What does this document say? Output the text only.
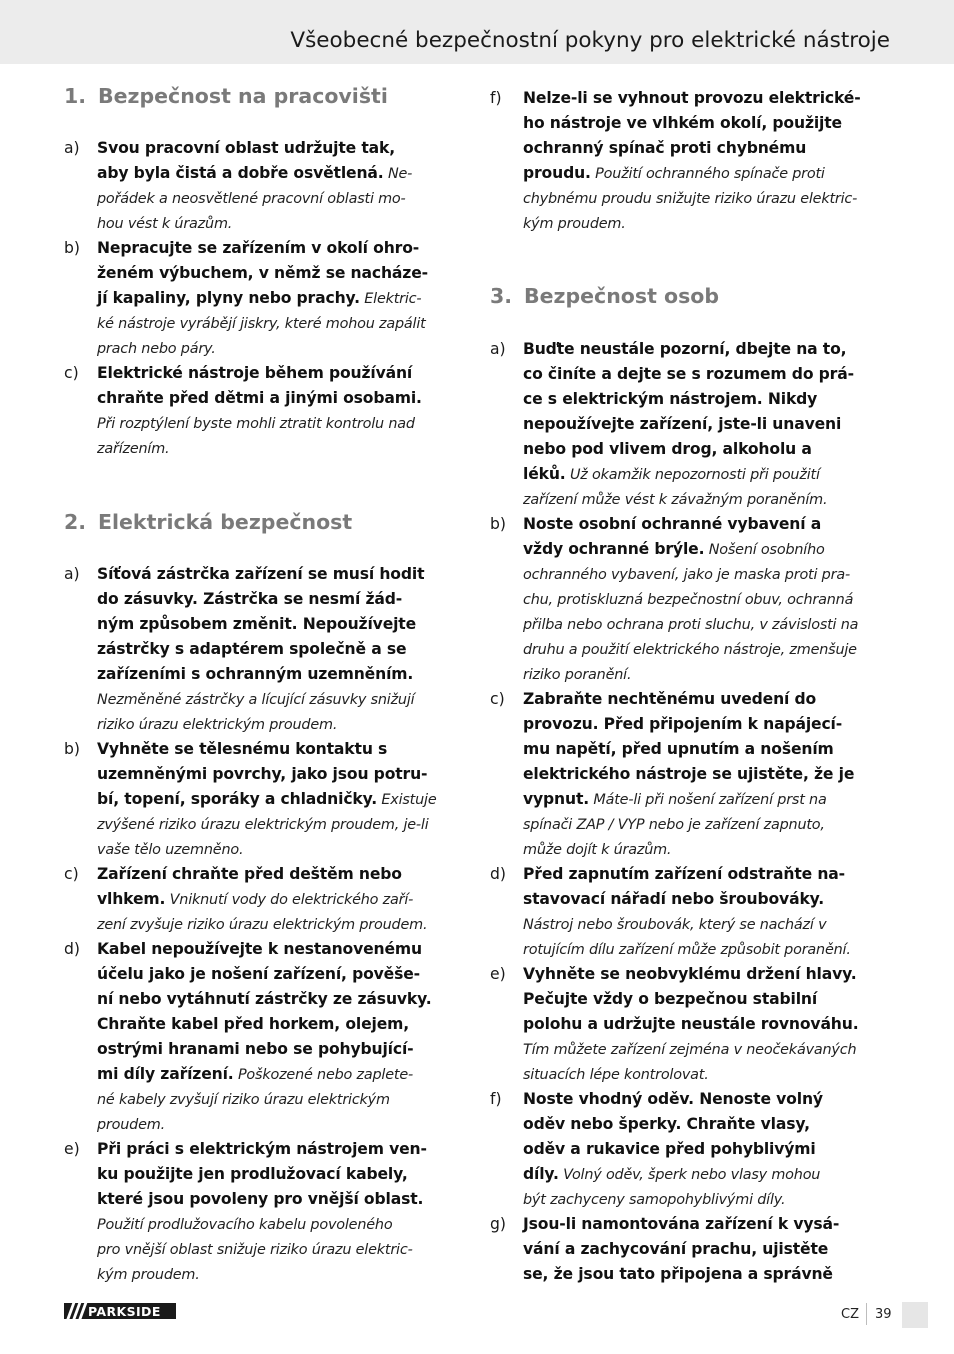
Všeobecné bezpečnostní pokyny pro elektrické nástroje
1. Bezpečnost na pracovišti
a) Svou pracovní oblast udržujte tak,
aby byla čistá a dobře osvětlená. Ne-
pořádek a neosvětlené pracovní oblasti mo-
hou vést k úrazům.
b) Nepracujte se zařízením v okolí ohro-
ženém výbuchem, v němž se nacháze-
jí kapaliny, plyny nebo prachy. Elektric-
ké nástroje vyrábějí jiskry, které mohou zapálit
prach nebo páry.
c) Elektrické nástroje během používání
chraňte před dětmi a jinými osobami.
Při rozptýlení byste mohli ztratit kontrolu nad
zařízením.
2. Elektrická bezpečnost
a) Síťová zástrčka zařízení se musí hodit
do zásuvky. Zástrčka se nesmí žád-
ným způsobem změnit. Nepoužívejte
zástrčky s adaptérem společně a se
zařízeními s ochranným uzemněním.
Nezměněné zástrčky a lícující zásuvky snižují
riziko úrazu elektrickým proudem.
b) Vyhněte se tělesnému kontaktu s
uzemněnými povrchy, jako jsou potru-
bí, topení, sporáky a chladničky. Existuje
zvýšené riziko úrazu elektrickým proudem, je-li
vaše tělo uzemněno.
c) Zařízení chraňte před deštěm nebo
vlhkem. Vniknutí vody do elektrického zaří-
zení zvyšuje riziko úrazu elektrickým proudem.
d) Kabel nepoužívejte k nestanovenému
účelu jako je nošení zařízení, pověše-
ní nebo vytáhnutí zástrčky ze zásuvky.
Chraňte kabel před horkem, olejem,
ostrými hranami nebo se pohybující-
mi díly zařízení. Poškozené nebo zaplete-
né kabely zvyšují riziko úrazu elektrickým
proudem.
e) Při práci s elektrickým nástrojem ven-
ku použijte jen prodlužovací kabely,
které jsou povoleny pro vnější oblast.
Použití prodlužovacího kabelu povoleného
pro vnější oblast snižuje riziko úrazu elektric-
kým proudem.
f) Nelze-li se vyhnout provozu elektrické-
ho nástroje ve vlhkém okolí, použijte
ochranný spínač proti chybnému
proudu. Použití ochranného spínače proti
chybnému proudu snižujte riziko úrazu elektric-
kým proudem.
3. Bezpečnost osob
a) Buďte neustále pozorní, dbejte na to,
co činíte a dejte se s rozumem do prá-
ce s elektrickým nástrojem. Nikdy
nepoužívejte zařízení, jste-li unaveni
nebo pod vlivem drog, alkoholu a
léků. Už okamžik nepozornosti při použití
zařízení může vést k závažným poraněním.
b) Noste osobní ochranné vybavení a
vždy ochranné brýle. Nošení osobního
ochranného vybavení, jako je maska proti pra-
chu, protiskluzná bezpečnostní obuv, ochranná
přilba nebo ochrana proti sluchu, v závislosti na
druhu a použití elektrického nástroje, zmenšuje
riziko poranění.
c) Zabraňte nechtěnému uvedení do
provozu. Před připojením k napájecí-
mu napětí, před upnutím a nošením
elektrického nástroje se ujistěte, že je
vypnut. Máte-li při nošení zařízení prst na
spínači ZAP / VYP nebo je zařízení zapnuto,
může dojít k úrazům.
d) Před zapnutím zařízení odstraňte na-
stavovací nářadí nebo šroubováky.
Nástroj nebo šroubovák, který se nachází v
rotujícím dílu zařízení může způsobit poranění.
e) Vyhněte se neobvyklému držení hlavy.
Pečujte vždy o bezpečnou stabilní
polohu a udržujte neustále rovnováhu.
Tím můžete zařízení zejména v neočekávaných
situacích lépe kontrolovat.
f) Noste vhodný oděv. Nenoste volný
oděv nebo šperky. Chraňte vlasy,
oděv a rukavice před pohyblivými
díly. Volný oděv, šperk nebo vlasy mohou
být zachyceny samopohyblivými díly.
g) Jsou-li namontována zařízení k vysá-
vání a zachycování prachu, ujistěte
se, že jsou tato připojena a správně
PARKSIDE	CZ 39
